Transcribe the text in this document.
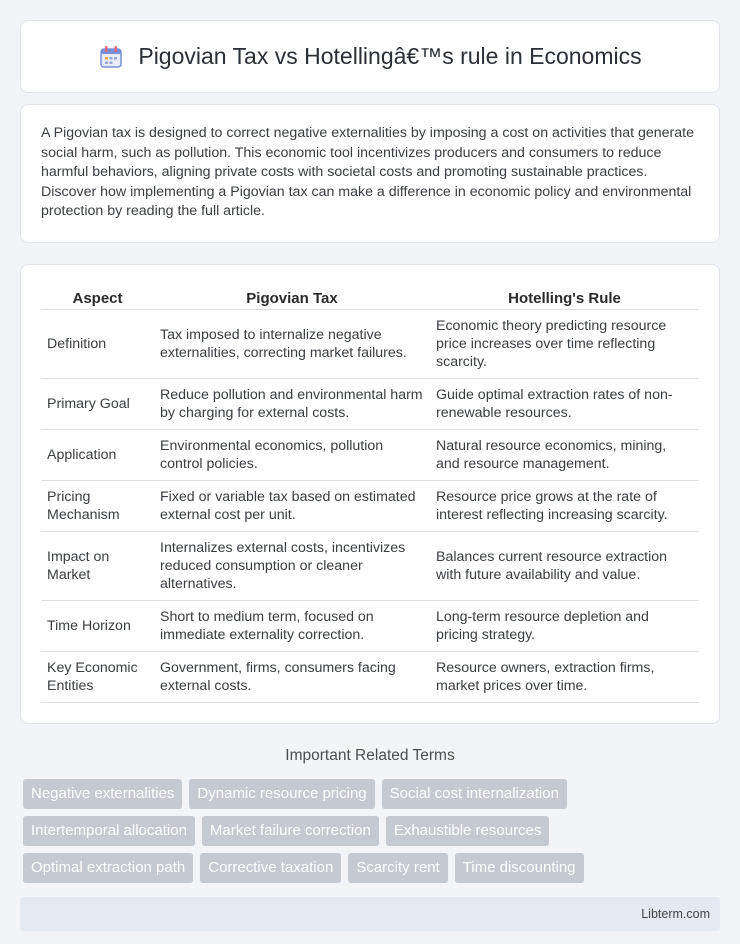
Pigovian Tax vs Hotellingâ€™s rule in Economics
A Pigovian tax is designed to correct negative externalities by imposing a cost on activities that generate social harm, such as pollution. This economic tool incentivizes producers and consumers to reduce harmful behaviors, aligning private costs with societal costs and promoting sustainable practices. Discover how implementing a Pigovian tax can make a difference in economic policy and environmental protection by reading the full article.
Aspect	Pigovian Tax	Hotelling's Rule
Definition	Tax imposed to internalize negative externalities, correcting market failures.	Economic theory predicting resource price increases over time reflecting scarcity.
Primary Goal	Reduce pollution and environmental harm by charging for external costs.	Guide optimal extraction rates of non-renewable resources.
Application	Environmental economics, pollution control policies.	Natural resource economics, mining, and resource management.
Pricing Mechanism	Fixed or variable tax based on estimated external cost per unit.	Resource price grows at the rate of interest reflecting increasing scarcity.
Impact on Market	Internalizes external costs, incentivizes reduced consumption or cleaner alternatives.	Balances current resource extraction with future availability and value.
Time Horizon	Short to medium term, focused on immediate externality correction.	Long-term resource depletion and pricing strategy.
Key Economic Entities	Government, firms, consumers facing external costs.	Resource owners, extraction firms, market prices over time.
Important Related Terms
Negative externalities	Dynamic resource pricing	Social cost internalization
Intertemporal allocation	Market failure correction	Exhaustible resources
Optimal extraction path	Corrective taxation	Scarcity rent	Time discounting
Libterm.com
